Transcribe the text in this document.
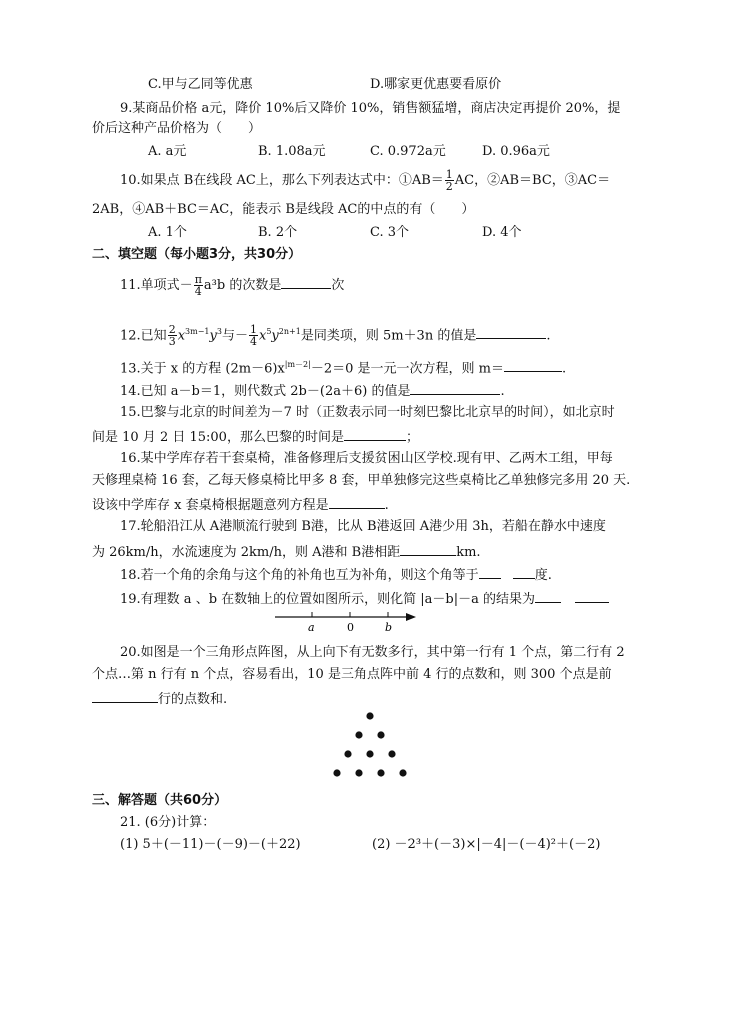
C.甲与乙同等优惠	D.哪家更优惠要看原价
9.某商品价格 a元，降价 10%后又降价 10%，销售额猛增，商店决定再提价 20%，提
价后这种产品价格为（　　）
A. a元	B. 1.08a元	C. 0.972a元	D. 0.96a元
10.如果点 B在线段 AC上，那么下列表达式中：①AB＝ $\frac{1}{2}$ AC，②AB＝BC，③AC＝
2AB，④AB＋BC＝AC，能表示 B是线段 AC的中点的有（　　）
A. 1个	B. 2个	C. 3个	D. 4个
二、填空题（每小题3分，共30分）
11.单项式－ $\frac{\pi}{4} a^3b$ 的次数是	次
12.已知 $\frac{2}{3} x^{3m-1}y^3$与－ $\frac{1}{4} x^5y^{2n+1}$是同类项，则 5m＋3n 的值是	.
13.关于 x 的方程 $(2m-6)x^{|m-2|}-2=0$ 是一元一次方程，则 m＝	.
14.已知 a－b＝1，则代数式 2b－(2a＋6) 的值是	.
15.巴黎与北京的时间差为－7 时（正数表示同一时刻巴黎比北京早的时间），如北京时
间是 10 月 2 日 15:00，那么巴黎的时间是	；
16.某中学库存若干套桌椅，准备修理后支援贫困山区学校.现有甲、乙两木工组，甲每
天修理桌椅 16 套，乙每天修桌椅比甲多 8 套，甲单独修完这些桌椅比乙单独修完多用 20 天.
设该中学库存 x 套桌椅根据题意列方程是	.
17.轮船沿江从 A港顺流行驶到 B港，比从 B港返回 A港少用 3h，若船在静水中速度
为 26km/h，水流速度为 2km/h，则 A港和 B港相距	km.
18.若一个角的余角与这个角的补角也互为补角，则这个角等于	度.
19.有理数 a 、b 在数轴上的位置如图所示，则化简 |a－b|－a 的结果为
a	0	b
20.如图是一个三角形点阵图，从上向下有无数多行，其中第一行有 1 个点，第二行有 2
个点…第 n 行有 n 个点，容易看出，10 是三角点阵中前 4 行的点数和，则 300 个点是前
行的点数和.
三、解答题（共60分）
21. (6分)计算：
(1) 5＋(－11)－(－9)－(＋22)	(2) －2³＋(－3)×|－4|－(－4)²＋(－2)
